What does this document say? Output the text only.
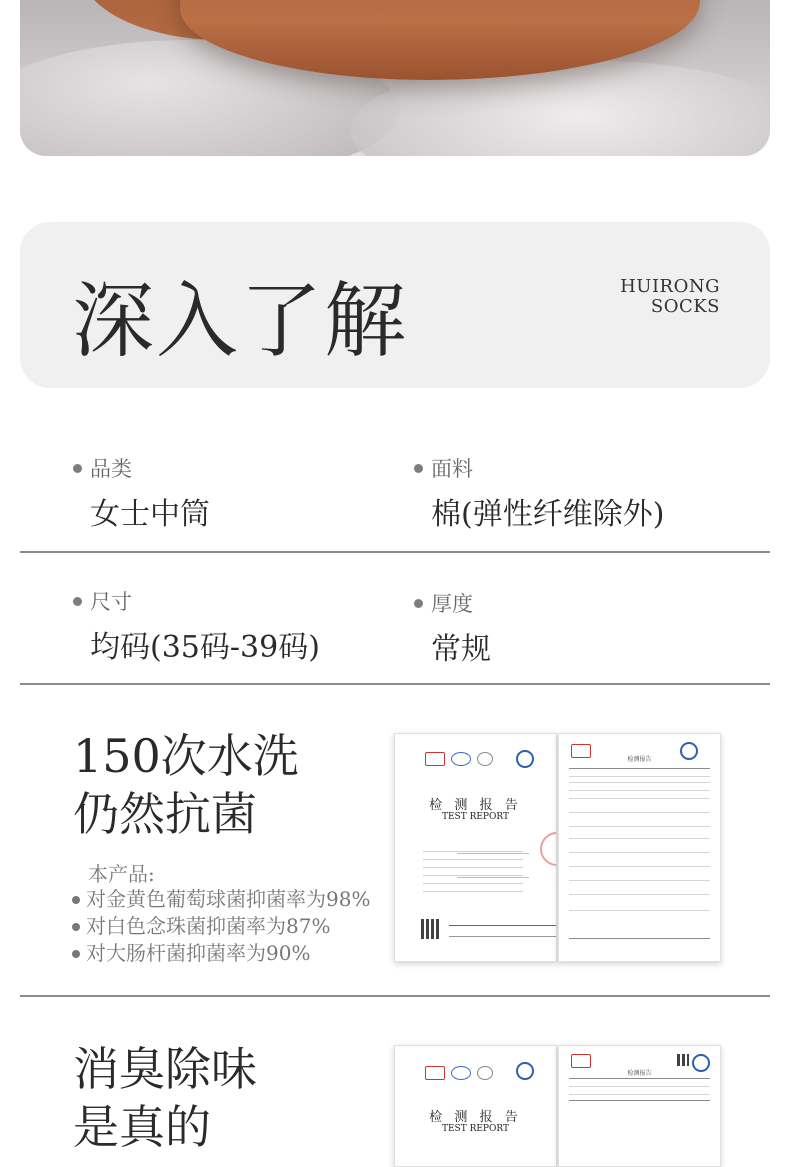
深入了解	HUIRONG
SOCKS
品类
女士中筒
面料
棉(弹性纤维除外)
尺寸
均码(35码-39码)
厚度
常规
150次水洗
仍然抗菌
本产品:
对金黄色葡萄球菌抑菌率为98%
对白色念珠菌抑菌率为87%
对大肠杆菌抑菌率为90%
检 测 报 告
TEST REPORT
检测报告
消臭除味
是真的	检 测 报 告
TEST REPORT
检测报告
